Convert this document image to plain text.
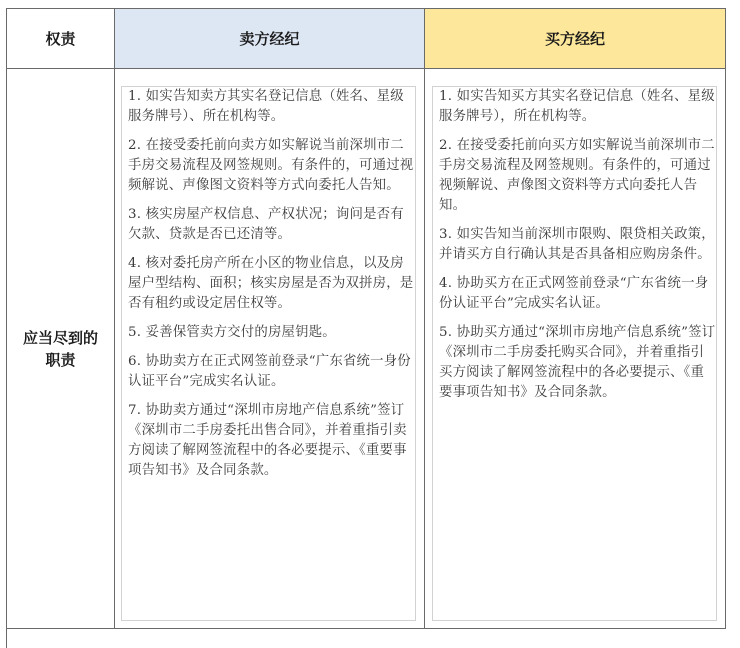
权责	卖方经纪	买方经纪
应当尽到的职责

1. 如实告知卖方其实名登记信息（姓名、星级服务牌号）、所在机构等。

2. 在接受委托前向卖方如实解说当前深圳市二手房交易流程及网签规则。有条件的，可通过视频解说、声像图文资料等方式向委托人告知。

3. 核实房屋产权信息、产权状况；询问是否有欠款、贷款是否已还清等。

4. 核对委托房产所在小区的物业信息，以及房屋户型结构、面积；核实房屋是否为双拼房，是否有租约或设定居住权等。

5. 妥善保管卖方交付的房屋钥匙。

6. 协助卖方在正式网签前登录“广东省统一身份认证平台”完成实名认证。

7. 协助卖方通过“深圳市房地产信息系统”签订《深圳市二手房委托出售合同》，并着重指引卖方阅读了解网签流程中的各必要提示、《重要事项告知书》及合同条款。

1. 如实告知买方其实名登记信息（姓名、星级服务牌号），所在机构等。

2. 在接受委托前向买方如实解说当前深圳市二手房交易流程及网签规则。有条件的，可通过视频解说、声像图文资料等方式向委托人告知。

3. 如实告知当前深圳市限购、限贷相关政策，并请买方自行确认其是否具备相应购房条件。

4. 协助买方在正式网签前登录“广东省统一身份认证平台”完成实名认证。

5. 协助买方通过“深圳市房地产信息系统”签订《深圳市二手房委托购买合同》，并着重指引买方阅读了解网签流程中的各必要提示、《重要事项告知书》及合同条款。
